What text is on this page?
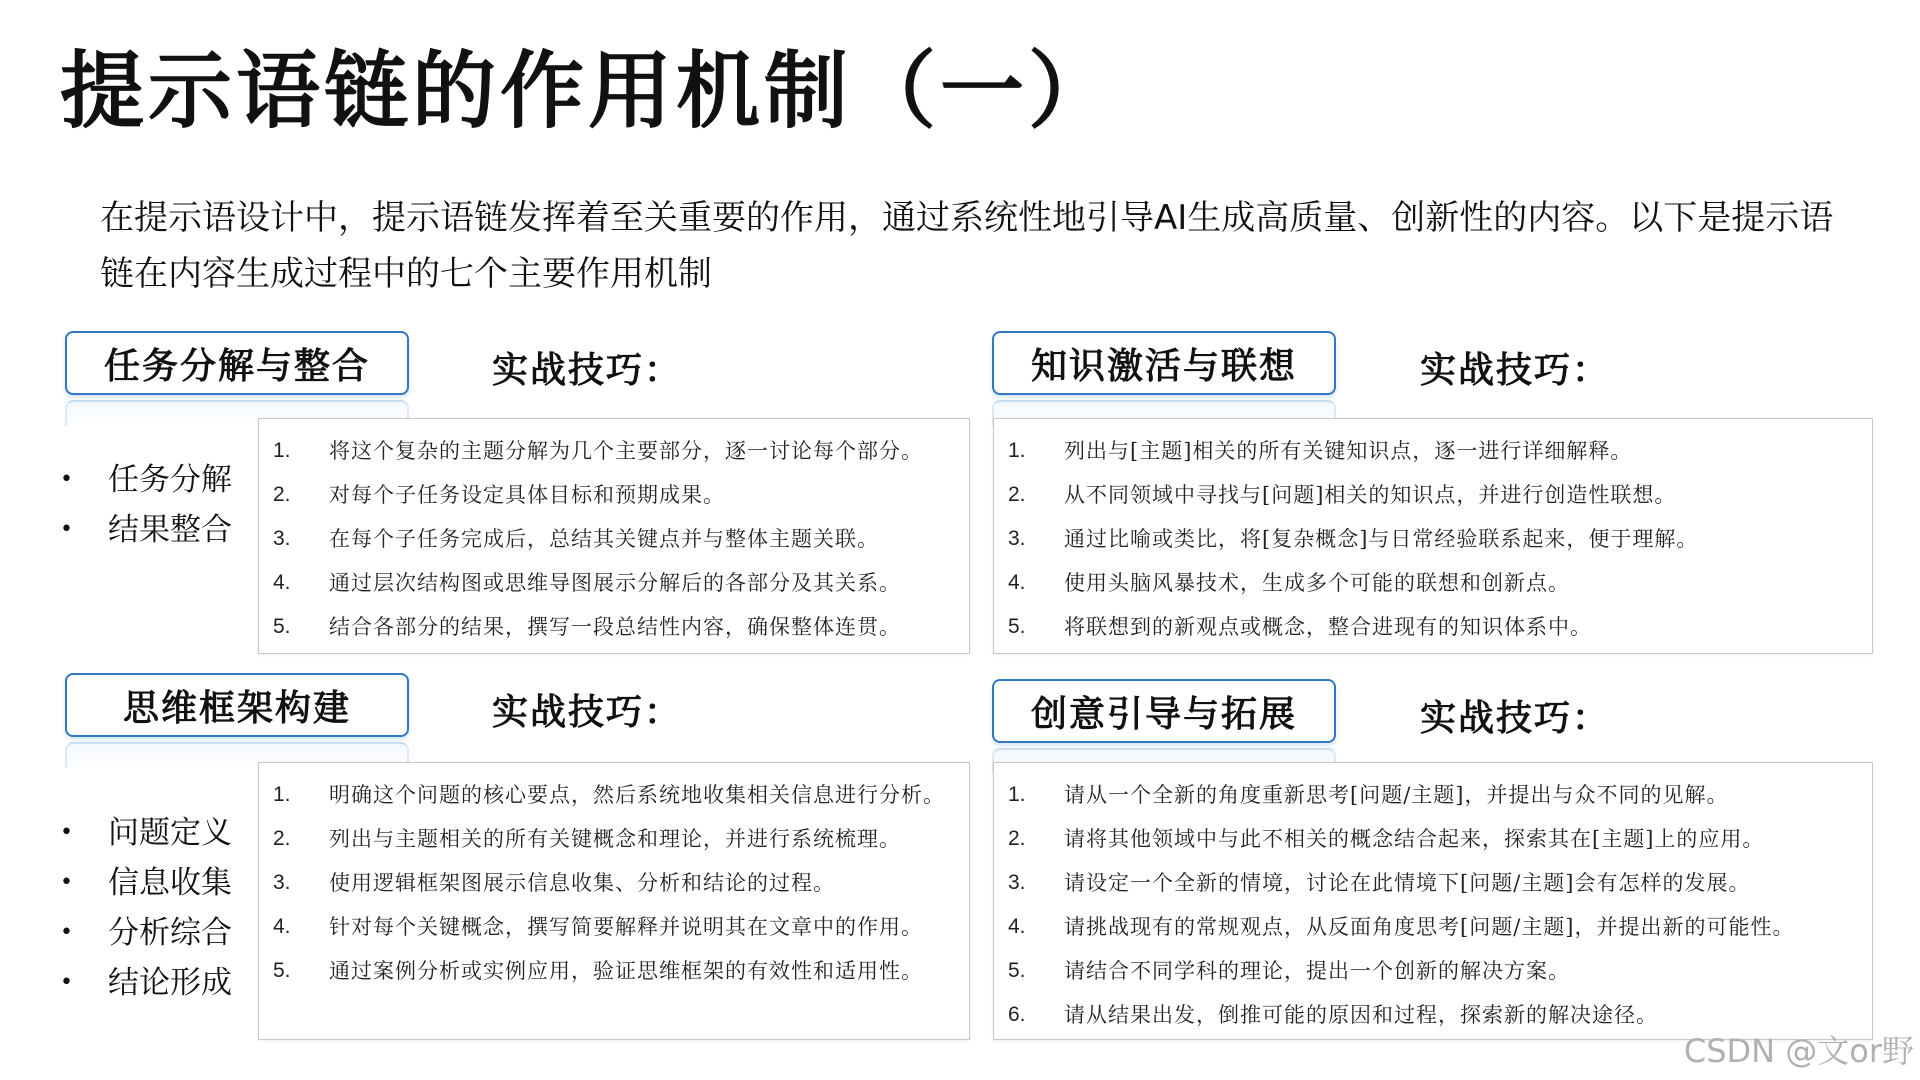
提示语链的作用机制（一）
在提示语设计中，提示语链发挥着至关重要的作用，通过系统性地引导AI生成高质量、创新性的内容。以下是提示语链在内容生成过程中的七个主要作用机制
任务分解与整合	实战技巧：
•	任务分解
•	结果整合
1.	将这个复杂的主题分解为几个主要部分，逐一讨论每个部分。
2.	对每个子任务设定具体目标和预期成果。
3.	在每个子任务完成后，总结其关键点并与整体主题关联。
4.	通过层次结构图或思维导图展示分解后的各部分及其关系。
5.	结合各部分的结果，撰写一段总结性内容，确保整体连贯。
知识激活与联想	实战技巧：
1.	列出与[主题]相关的所有关键知识点，逐一进行详细解释。
2.	从不同领域中寻找与[问题]相关的知识点，并进行创造性联想。
3.	通过比喻或类比，将[复杂概念]与日常经验联系起来，便于理解。
4.	使用头脑风暴技术，生成多个可能的联想和创新点。
5.	将联想到的新观点或概念，整合进现有的知识体系中。
思维框架构建	实战技巧：
•	问题定义
•	信息收集
•	分析综合
•	结论形成
1.	明确这个问题的核心要点，然后系统地收集相关信息进行分析。
2.	列出与主题相关的所有关键概念和理论，并进行系统梳理。
3.	使用逻辑框架图展示信息收集、分析和结论的过程。
4.	针对每个关键概念，撰写简要解释并说明其在文章中的作用。
5.	通过案例分析或实例应用，验证思维框架的有效性和适用性。
创意引导与拓展	实战技巧：
1.	请从一个全新的角度重新思考[问题/主题]，并提出与众不同的见解。
2.	请将其他领域中与此不相关的概念结合起来，探索其在[主题]上的应用。
3.	请设定一个全新的情境，讨论在此情境下[问题/主题]会有怎样的发展。
4.	请挑战现有的常规观点，从反面角度思考[问题/主题]，并提出新的可能性。
5.	请结合不同学科的理论，提出一个创新的解决方案。
6.	请从结果出发，倒推可能的原因和过程，探索新的解决途径。
CSDN @文or野
